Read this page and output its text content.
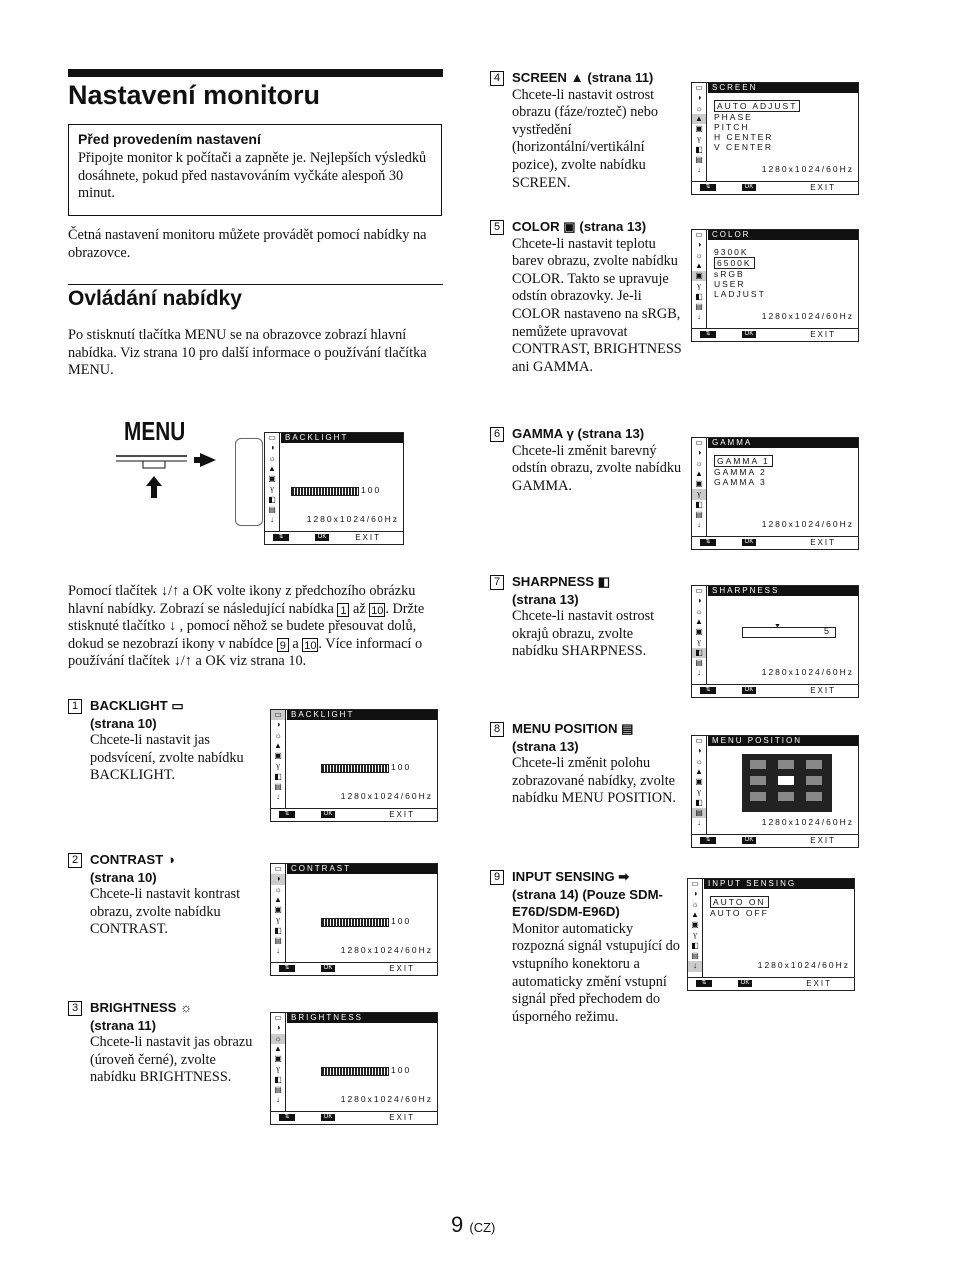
Nastavení monitoru
Před provedením nastavení
Připojte monitor k počítači a zapněte je. Nejlepších výsledků dosáhnete, pokud před nastavováním vyčkáte alespoň 30 minut.
Četná nastavení monitoru můžete provádět pomocí nabídky na obrazovce.
Ovládání nabídky
Po stisknutí tlačítka MENU se na obrazovce zobrazí hlavní nabídka. Viz strana 10 pro další informace o používání tlačítka MENU.
MENU	▭
◑
☼
▲
▣
γ
◧
▤
↓
BACKLIGHT
100
1280x1024/60Hz
⇅	OK	EXIT
Pomocí tlačítek ↓/↑ a OK volte ikony z předchozího obrázku hlavní nabídky. Zobrazí se následující nabídka 1 až 10 . Držte stisknuté tlačítko ↓ , pomocí něhož se budete přesouvat dolů, dokud se nezobrazí ikony v nabídce 9 a 10 . Více informací o používání tlačítek ↓/↑ a OK viz strana 10.
1 BACKLIGHT ▭
(strana 10)
Chcete-li nastavit jas podsvícení, zvolte nabídku BACKLIGHT.
2 CONTRAST ◑
(strana 10)
Chcete-li nastavit kontrast obrazu, zvolte nabídku CONTRAST.
3 BRIGHTNESS ☼
(strana 11)
Chcete-li nastavit jas obrazu (úroveň černé), zvolte nabídku BRIGHTNESS.
4 SCREEN ▲ (strana 11)
Chcete-li nastavit ostrost obrazu (fáze/rozteč) nebo vystředění (horizontální/vertikální pozice), zvolte nabídku SCREEN.
5 COLOR ▣ (strana 13)
Chcete-li nastavit teplotu barev obrazu, zvolte nabídku COLOR. Takto se upravuje odstín obrazovky. Je-li COLOR nastaveno na sRGB, nemůžete upravovat CONTRAST, BRIGHTNESS ani GAMMA.
6 GAMMA γ (strana 13)
Chcete-li změnit barevný odstín obrazu, zvolte nabídku GAMMA.
7 SHARPNESS ◧
(strana 13)
Chcete-li nastavit ostrost okrajů obrazu, zvolte nabídku SHARPNESS.
8 MENU POSITION ▤
(strana 13)
Chcete-li změnit polohu zobrazované nabídky, zvolte nabídku MENU POSITION.
9 INPUT SENSING ➡
(strana 14) (Pouze SDM-E76D/SDM-E96D)
Monitor automaticky rozpozná signál vstupující do vstupního konektoru a automaticky změní vstupní signál před přechodem do úsporného režimu.
▭
◑
☼
▲
▣
γ
◧
▤
↓
BACKLIGHT
100
1280x1024/60Hz
⇅	OK	EXIT
▭
◑
☼
▲
▣
γ
◧
▤
↓
CONTRAST
100
1280x1024/60Hz
⇅	OK	EXIT
▭
◑
☼
▲
▣
γ
◧
▤
↓
BRIGHTNESS
100
1280x1024/60Hz
⇅	OK	EXIT
▭
◑
☼
▲
▣
γ
◧
▤
↓
SCREEN
AUTO ADJUST
PHASE
PITCH
H CENTER
V CENTER
1280x1024/60Hz
⇅	OK	EXIT
▭
◑
☼
▲
▣
γ
◧
▤
↓
COLOR
9300K
6500K
sRGB
USER
LADJUST
1280x1024/60Hz
⇅	OK	EXIT
▭
◑
☼
▲
▣
γ
◧
▤
↓
GAMMA
GAMMA 1
GAMMA 2
GAMMA 3
1280x1024/60Hz
⇅	OK	EXIT
▭
◑
☼
▲
▣
γ
◧
▤
↓
SHARPNESS
▼	5
1280x1024/60Hz
⇅	OK	EXIT
▭
◑
☼
▲
▣
γ
◧
▤
↓
MENU POSITION
1280x1024/60Hz
⇅	OK	EXIT
▭
◑
☼
▲
▣
γ
◧
▤
↓
INPUT SENSING
AUTO ON
AUTO OFF
1280x1024/60Hz
⇅	OK	EXIT
9 (CZ)
